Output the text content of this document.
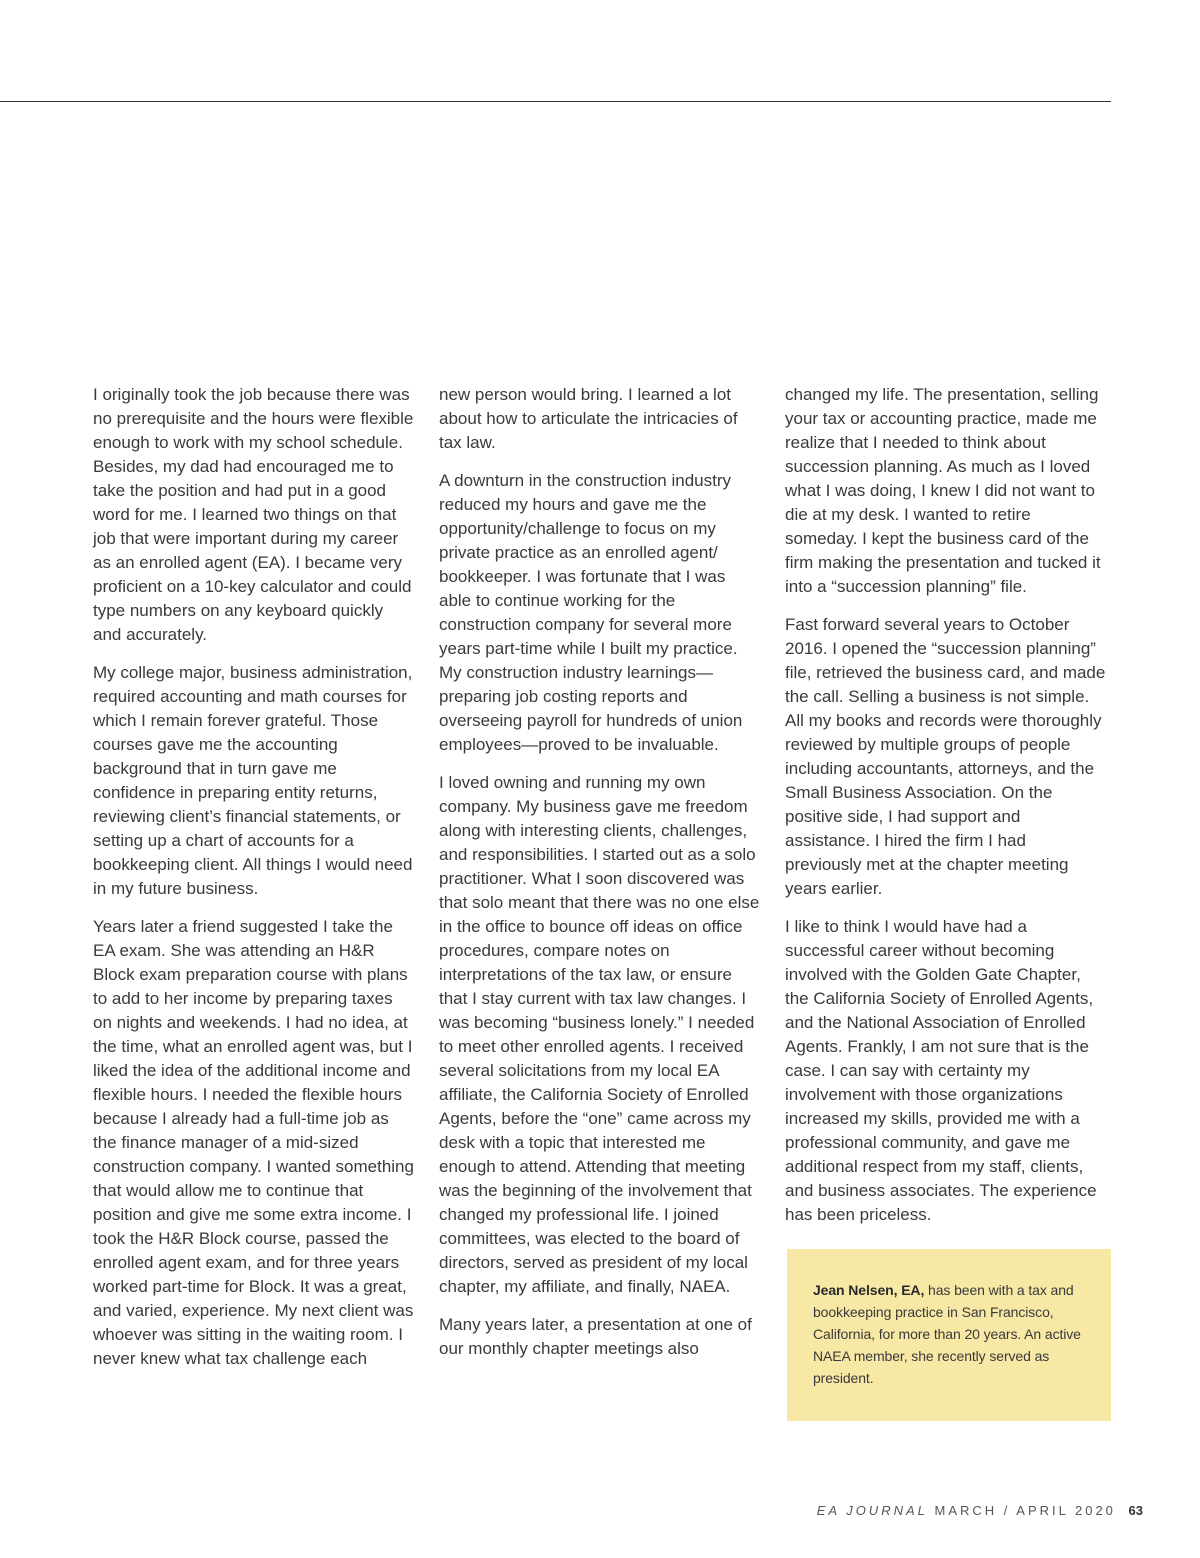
I originally took the job because there was no prerequisite and the hours were flexible enough to work with my school schedule. Besides, my dad had encouraged me to take the position and had put in a good word for me. I learned two things on that job that were important during my career as an enrolled agent (EA). I became very proficient on a 10-key calculator and could type numbers on any keyboard quickly and accurately.

My college major, business administration, required accounting and math courses for which I remain forever grateful. Those courses gave me the accounting background that in turn gave me confidence in preparing entity returns, reviewing client’s financial statements, or setting up a chart of accounts for a bookkeeping client. All things I would need in my future business.

Years later a friend suggested I take the EA exam. She was attending an H&R Block exam preparation course with plans to add to her income by preparing taxes on nights and weekends. I had no idea, at the time, what an enrolled agent was, but I liked the idea of the additional income and flexible hours. I needed the flexible hours because I already had a full-time job as the finance manager of a mid-sized construction company. I wanted something that would allow me to continue that position and give me some extra income. I took the H&R Block course, passed the enrolled agent exam, and for three years worked part-time for Block. It was a great, and varied, experience. My next client was whoever was sitting in the waiting room. I never knew what tax challenge each

new person would bring. I learned a lot about how to articulate the intricacies of tax law.

A downturn in the construction industry reduced my hours and gave me the opportunity/challenge to focus on my private practice as an enrolled agent/ bookkeeper. I was fortunate that I was able to continue working for the construction company for several more years part-time while I built my practice. My construction industry learnings—preparing job costing reports and overseeing payroll for hundreds of union employees—proved to be invaluable.

I loved owning and running my own company. My business gave me freedom along with interesting clients, challenges, and responsibilities. I started out as a solo practitioner. What I soon discovered was that solo meant that there was no one else in the office to bounce off ideas on office procedures, compare notes on interpretations of the tax law, or ensure that I stay current with tax law changes. I was becoming “business lonely.” I needed to meet other enrolled agents. I received several solicitations from my local EA affiliate, the California Society of Enrolled Agents, before the “one” came across my desk with a topic that interested me enough to attend. Attending that meeting was the beginning of the involvement that changed my professional life. I joined committees, was elected to the board of directors, served as president of my local chapter, my affiliate, and finally, NAEA.

Many years later, a presentation at one of our monthly chapter meetings also

changed my life. The presentation, selling your tax or accounting practice, made me realize that I needed to think about succession planning. As much as I loved what I was doing, I knew I did not want to die at my desk. I wanted to retire someday. I kept the business card of the firm making the presentation and tucked it into a “succession planning” file.

Fast forward several years to October 2016. I opened the “succession planning” file, retrieved the business card, and made the call. Selling a business is not simple. All my books and records were thoroughly reviewed by multiple groups of people including accountants, attorneys, and the Small Business Association. On the positive side, I had support and assistance. I hired the firm I had previously met at the chapter meeting years earlier.

I like to think I would have had a successful career without becoming involved with the Golden Gate Chapter, the California Society of Enrolled Agents, and the National Association of Enrolled Agents. Frankly, I am not sure that is the case. I can say with certainty my involvement with those organizations increased my skills, provided me with a professional community, and gave me additional respect from my staff, clients, and business associates. The experience has been priceless.

Jean Nelsen, EA, has been with a tax and bookkeeping practice in San Francisco, California, for more than 20 years. An active NAEA member, she recently served as president.
EA JOURNAL MARCH / APRIL 2020 63
